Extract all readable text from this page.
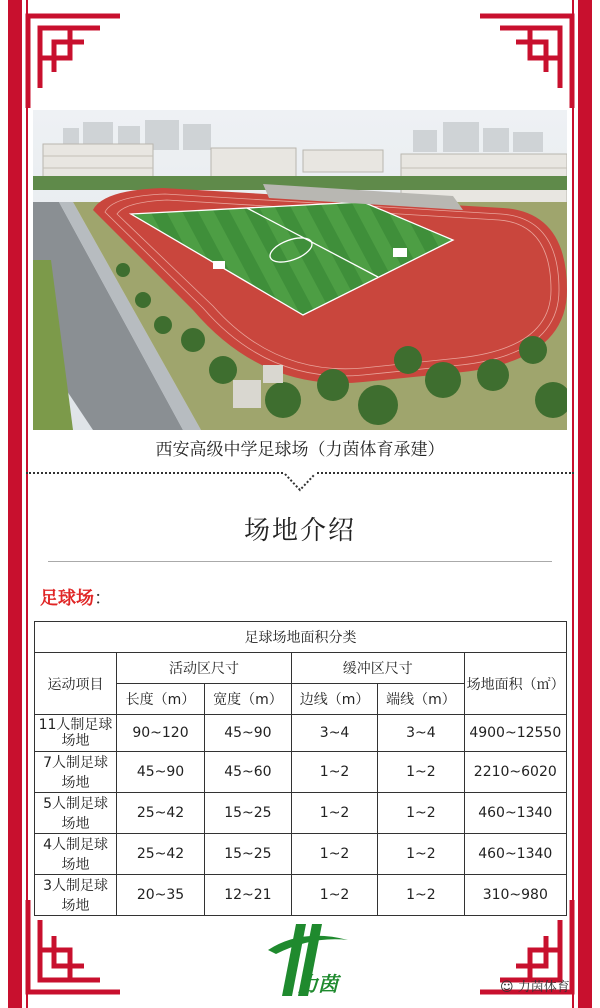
西安高级中学足球场（力茵体育承建）
场地介绍
足球场：
足球场地面积分类					
运动项目	活动区尺寸		缓冲区尺寸		场地面积（㎡）
	长度（m）	宽度（m）	边线（m）	端线（m）	
11人制足球场地	90~120	45~90	3~4	3~4	4900~12550
7人制足球场地	45~90	45~60	1~2	1~2	2210~6020
5人制足球场地	25~42	15~25	1~2	1~2	460~1340
4人制足球场地	25~42	15~25	1~2	1~2	460~1340
3人制足球场地	20~35	12~21	1~2	1~2	310~980
力茵	☺ 力茵体育
